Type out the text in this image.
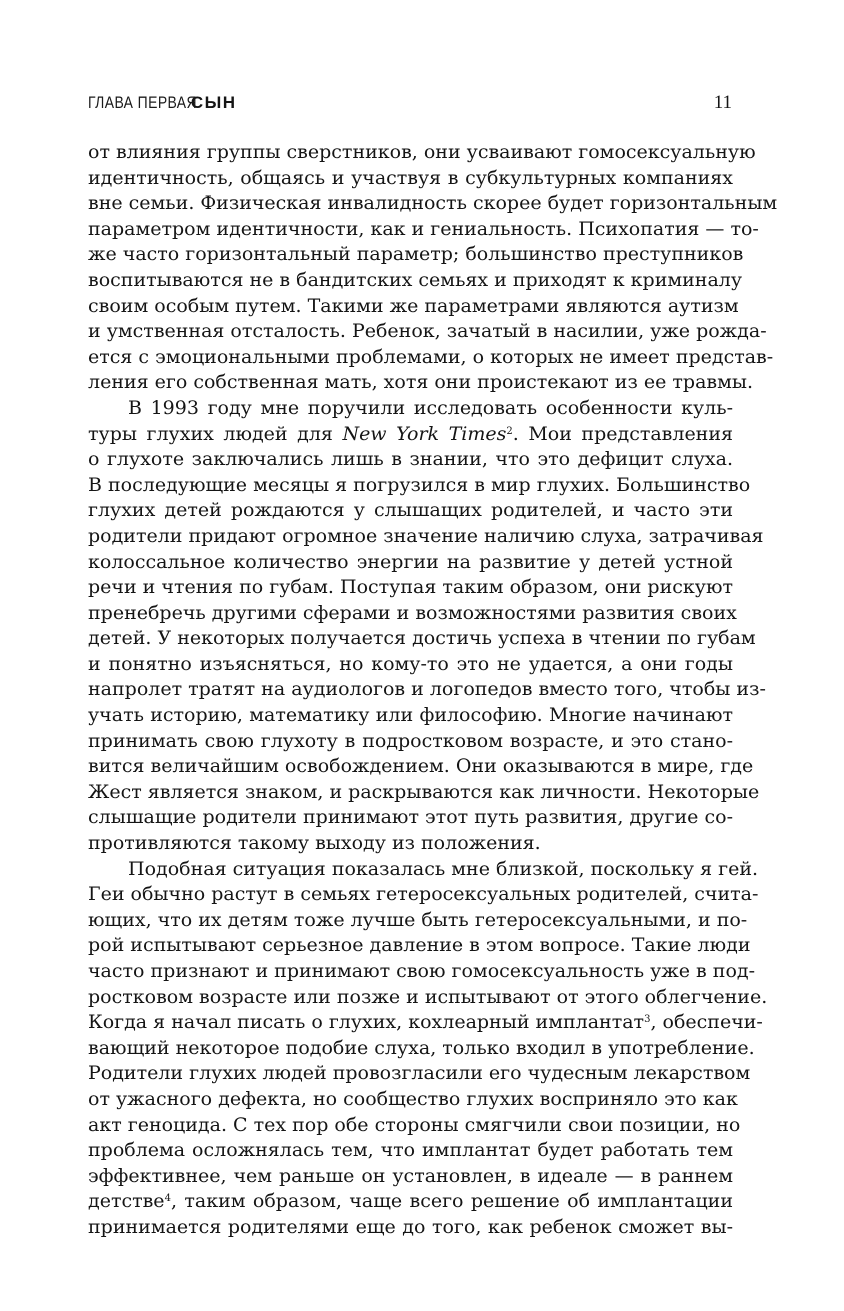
ГЛАВА ПЕРВАЯ
СЫН	11
от влияния группы сверстников, они усваивают гомосексуальную
идентичность, общаясь и участвуя в субкультурных компаниях
вне семьи. Физическая инвалидность скорее будет горизонтальным
параметром идентичности, как и гениальность. Психопатия — то-
же часто горизонтальный параметр; большинство преступников
воспитываются не в бандитских семьях и приходят к криминалу
своим особым путем. Такими же параметрами являются аутизм
и умственная отсталость. Ребенок, зачатый в насилии, уже рожда-
ется с эмоциональными проблемами, о которых не имеет представ-
ления его собственная мать, хотя они проистекают из ее травмы.
В 1993 году мне поручили исследовать особенности куль-
туры глухих людей для New York Times$^2$. Мои представления
о глухоте заключались лишь в знании, что это дефицит слуха.
В последующие месяцы я погрузился в мир глухих. Большинство
глухих детей рождаются у слышащих родителей, и часто эти
родители придают огромное значение наличию слуха, затрачивая
колоссальное количество энергии на развитие у детей устной
речи и чтения по губам. Поступая таким образом, они рискуют
пренебречь другими сферами и возможностями развития своих
детей. У некоторых получается достичь успеха в чтении по губам
и понятно изъясняться, но кому-то это не удается, а они годы
напролет тратят на аудиологов и логопедов вместо того, чтобы из-
учать историю, математику или философию. Многие начинают
принимать свою глухоту в подростковом возрасте, и это стано-
вится величайшим освобождением. Они оказываются в мире, где
Жест является знаком, и раскрываются как личности. Некоторые
слышащие родители принимают этот путь развития, другие со-
противляются такому выходу из положения.
Подобная ситуация показалась мне близкой, поскольку я гей.
Геи обычно растут в семьях гетеросексуальных родителей, счита-
ющих, что их детям тоже лучше быть гетеросексуальными, и по-
рой испытывают серьезное давление в этом вопросе. Такие люди
часто признают и принимают свою гомосексуальность уже в под-
ростковом возрасте или позже и испытывают от этого облегчение.
Когда я начал писать о глухих, кохлеарный имплантат$^3$, обеспечи-
вающий некоторое подобие слуха, только входил в употребление.
Родители глухих людей провозгласили его чудесным лекарством
от ужасного дефекта, но сообщество глухих восприняло это как
акт геноцида. С тех пор обе стороны смягчили свои позиции, но
проблема осложнялась тем, что имплантат будет работать тем
эффективнее, чем раньше он установлен, в идеале — в раннем
детстве$^4$, таким образом, чаще всего решение об имплантации
принимается родителями еще до того, как ребенок сможет вы-
